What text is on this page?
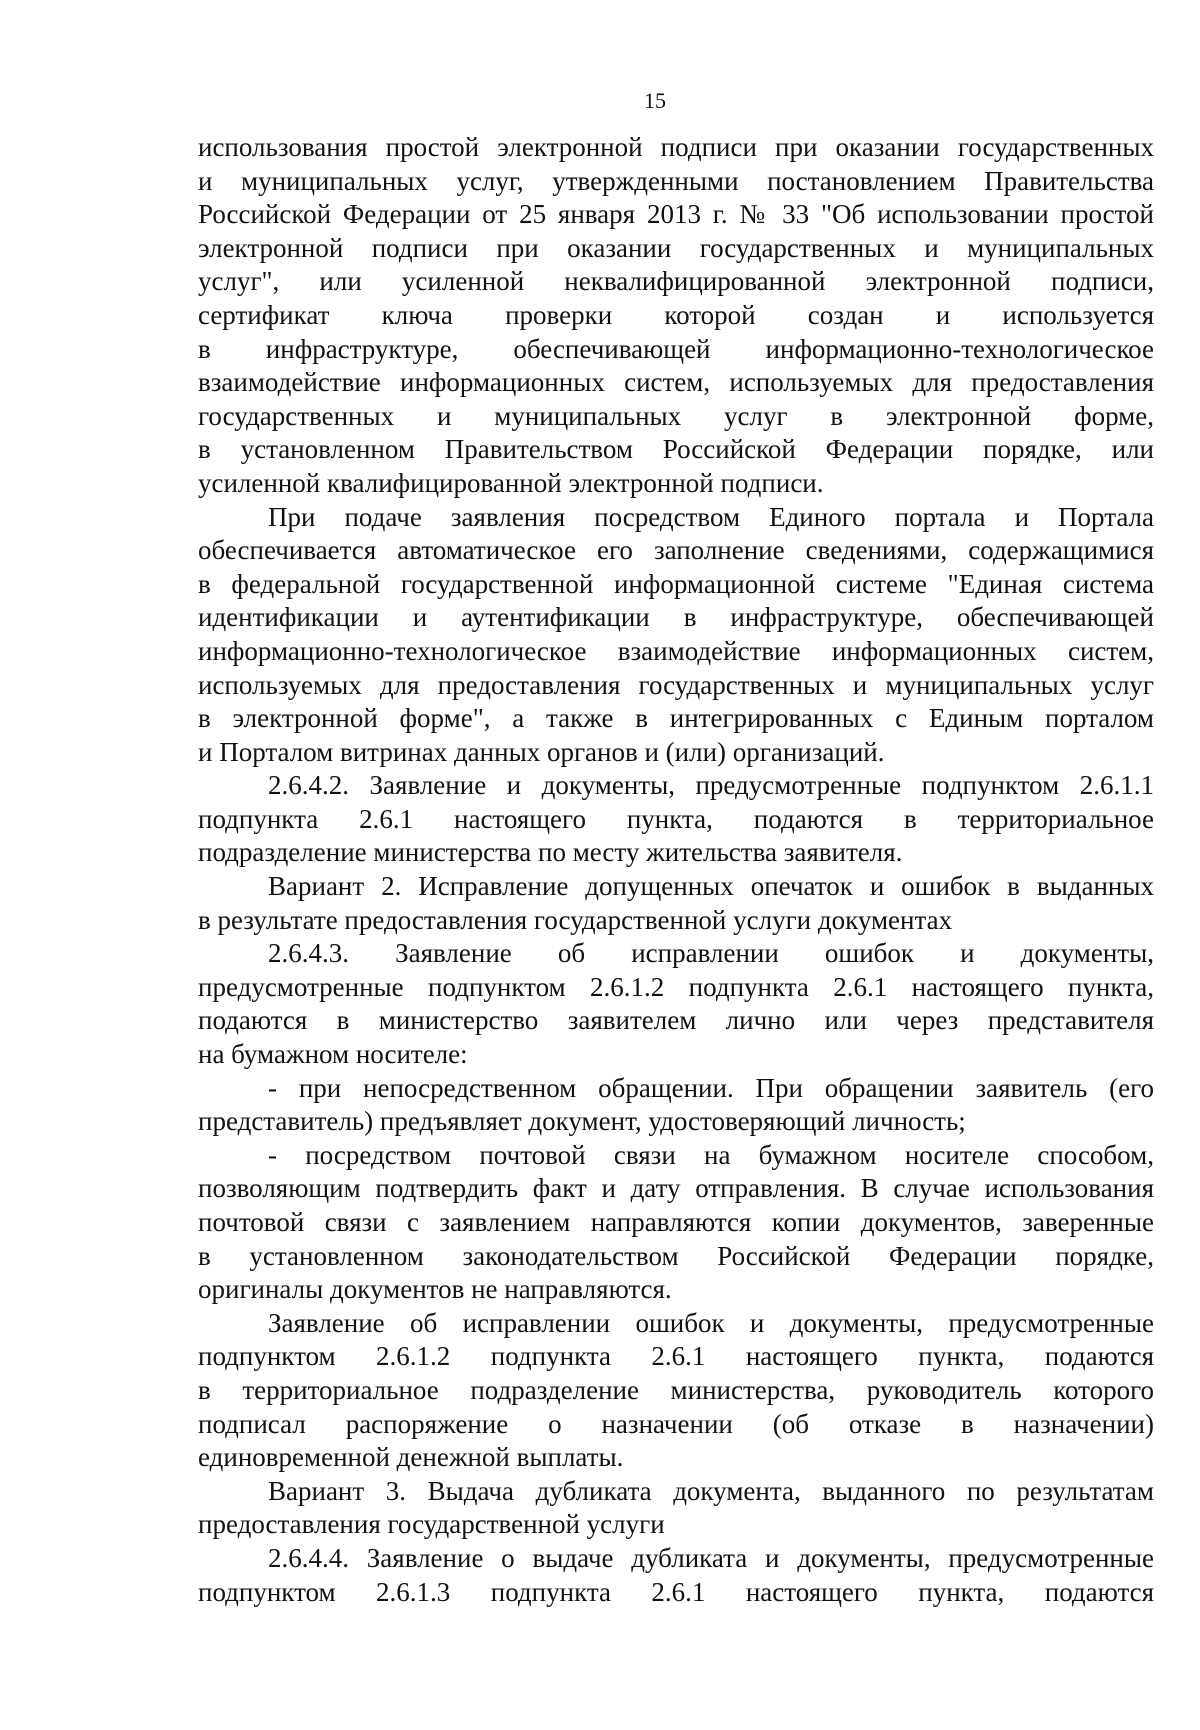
15
использования простой электронной подписи при оказании государственных
и муниципальных услуг, утвержденными постановлением Правительства
Российской Федерации от 25 января 2013 г. № 33 "Об использовании простой
электронной подписи при оказании государственных и муниципальных
услуг", или усиленной неквалифицированной электронной подписи,
сертификат ключа проверки которой создан и используется
в инфраструктуре, обеспечивающей информационно-технологическое
взаимодействие информационных систем, используемых для предоставления
государственных и муниципальных услуг в электронной форме,
в установленном Правительством Российской Федерации порядке, или
усиленной квалифицированной электронной подписи.
При подаче заявления посредством Единого портала и Портала
обеспечивается автоматическое его заполнение сведениями, содержащимися
в федеральной государственной информационной системе "Единая система
идентификации и аутентификации в инфраструктуре, обеспечивающей
информационно-технологическое взаимодействие информационных систем,
используемых для предоставления государственных и муниципальных услуг
в электронной форме", а также в интегрированных с Единым порталом
и Порталом витринах данных органов и (или) организаций.
2.6.4.2. Заявление и документы, предусмотренные подпунктом 2.6.1.1
подпункта 2.6.1 настоящего пункта, подаются в территориальное
подразделение министерства по месту жительства заявителя.
Вариант 2. Исправление допущенных опечаток и ошибок в выданных
в результате предоставления государственной услуги документах
2.6.4.3. Заявление об исправлении ошибок и документы,
предусмотренные подпунктом 2.6.1.2 подпункта 2.6.1 настоящего пункта,
подаются в министерство заявителем лично или через представителя
на бумажном носителе:
- при непосредственном обращении. При обращении заявитель (его
представитель) предъявляет документ, удостоверяющий личность;
- посредством почтовой связи на бумажном носителе способом,
позволяющим подтвердить факт и дату отправления. В случае использования
почтовой связи с заявлением направляются копии документов, заверенные
в установленном законодательством Российской Федерации порядке,
оригиналы документов не направляются.
Заявление об исправлении ошибок и документы, предусмотренные
подпунктом 2.6.1.2 подпункта 2.6.1 настоящего пункта, подаются
в территориальное подразделение министерства, руководитель которого
подписал распоряжение о назначении (об отказе в назначении)
единовременной денежной выплаты.
Вариант 3. Выдача дубликата документа, выданного по результатам
предоставления государственной услуги
2.6.4.4. Заявление о выдаче дубликата и документы, предусмотренные
подпунктом 2.6.1.3 подпункта 2.6.1 настоящего пункта, подаются
